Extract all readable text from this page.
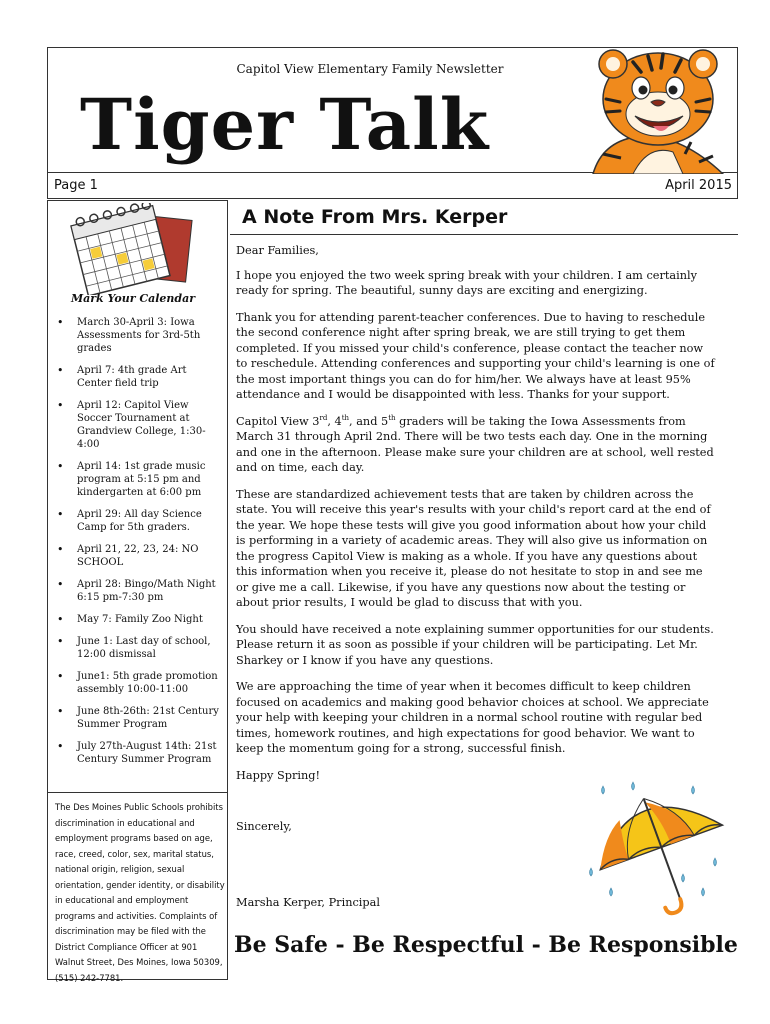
Capitol View Elementary Family Newsletter
Tiger Talk
Page 1	April 2015
Mark Your Calendar
• March 30-April 3: Iowa Assessments for 3rd-5th grades
• April 7: 4th grade Art Center field trip
• April 12: Capitol View Soccer Tournament at Grandview College, 1:30-4:00
• April 14: 1st grade music program at 5:15 pm and kindergarten at 6:00 pm
• April 29: All day Science Camp for 5th graders.
• April 21, 22, 23, 24: NO SCHOOL
• April 28: Bingo/Math Night 6:15 pm-7:30 pm
• May 7: Family Zoo Night
• June 1: Last day of school, 12:00 dismissal
• June1: 5th grade promotion assembly 10:00-11:00
• June 8th-26th: 21st Century Summer Program
• July 27th-August 14th: 21st Century Summer Program
The Des Moines Public Schools prohibits discrimination in educational and employment programs based on age, race, creed, color, sex, marital status, national origin, religion, sexual orientation, gender identity, or disability in educational and employment programs and activities. Complaints of discrimination may be filed with the District Compliance Officer at 901 Walnut Street, Des Moines, Iowa 50309, (515) 242-7781.
A Note From Mrs. Kerper

Dear Families,

I hope you enjoyed the two week spring break with your children. I am certainly ready for spring. The beautiful, sunny days are exciting and energizing.

Thank you for attending parent-teacher conferences. Due to having to reschedule the second conference night after spring break, we are still trying to get them completed. If you missed your child's conference, please contact the teacher now to reschedule. Attending conferences and supporting your child's learning is one of the most important things you can do for him/her. We always have at least 95% attendance and I would be disappointed with less. Thanks for your support.

Capitol View 3rd, 4th, and 5th graders will be taking the Iowa Assessments from March 31 through April 2nd. There will be two tests each day. One in the morning and one in the afternoon. Please make sure your children are at school, well rested and on time, each day.

These are standardized achievement tests that are taken by children across the state. You will receive this year's results with your child's report card at the end of the year. We hope these tests will give you good information about how your child is performing in a variety of academic areas. They will also give us information on the progress Capitol View is making as a whole. If you have any questions about this information when you receive it, please do not hesitate to stop in and see me or give me a call. Likewise, if you have any questions now about the testing or about prior results, I would be glad to discuss that with you.

You should have received a note explaining summer opportunities for our students. Please return it as soon as possible if your children will be participating. Let Mr. Sharkey or I know if you have any questions.

We are approaching the time of year when it becomes difficult to keep children focused on academics and making good behavior choices at school. We appreciate your help with keeping your children in a normal school routine with regular bed times, homework routines, and high expectations for good behavior. We want to keep the momentum going for a strong, successful finish.

Happy Spring!

Sincerely,
Marsha Kerper, Principal
Be Safe - Be Respectful - Be Responsible
